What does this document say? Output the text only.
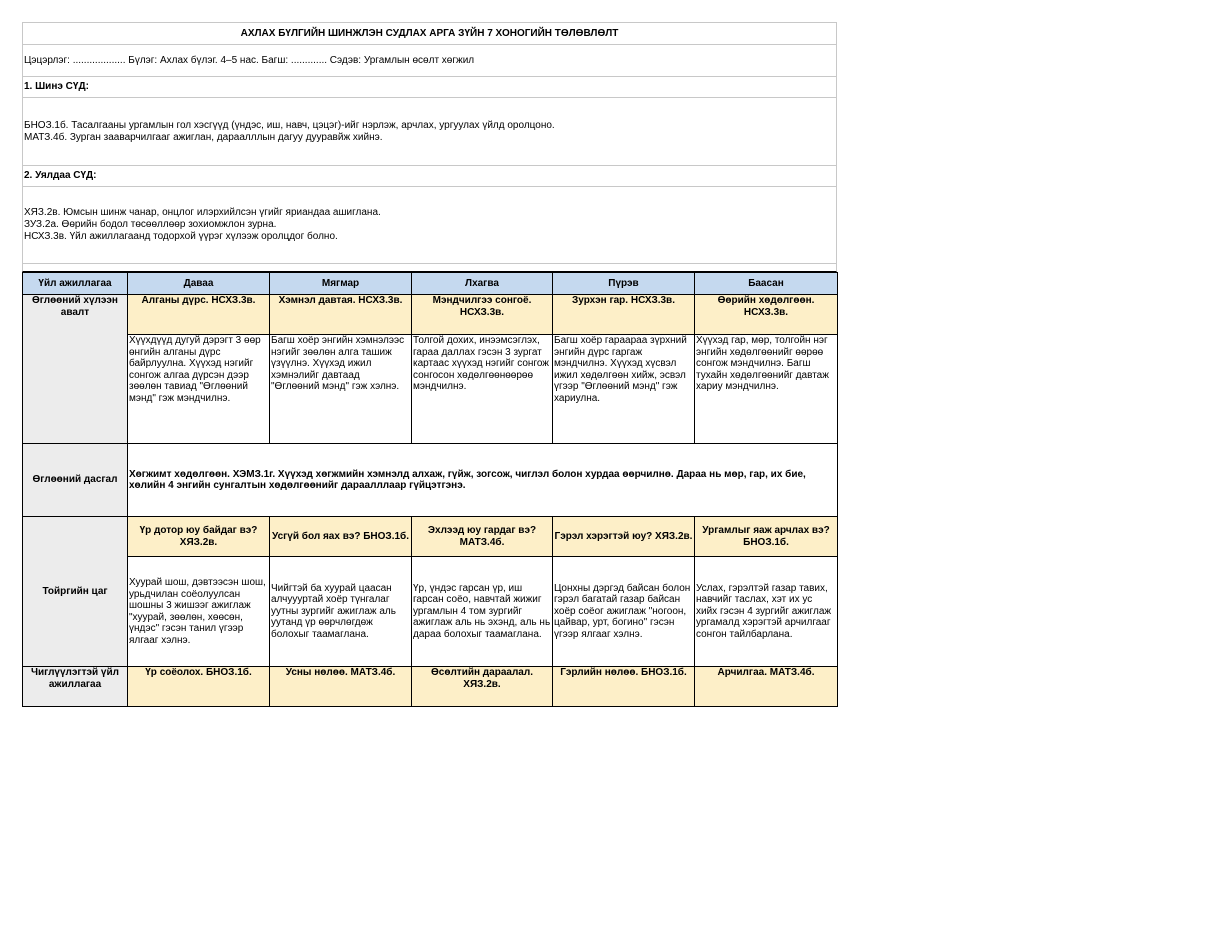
АХЛАХ БҮЛГИЙН ШИНЖЛЭН СУДЛАХ АРГА ЗҮЙН 7 ХОНОГИЙН ТӨЛӨВЛӨЛТ
Цэцэрлэг: ................... Бүлэг: Ахлах бүлэг. 4–5 нас. Багш: ............. Сэдэв: Ургамлын өсөлт хөгжил
1. Шинэ СҮД:
БНОЗ.1б. Тасалгааны ургамлын гол хэсгүүд (үндэс, иш, навч, цэцэг)-ийг нэрлэж, арчлах, ургуулах үйлд оролцоно.
МАТЗ.4б. Зурган зааварчилгааг ажиглан, дараалллын дагуу дууравйж хийнэ.
2. Уялдаа СҮД:
ХЯЗ.2в. Юмсын шинж чанар, онцлог илэрхийлсэн үгийг яриандаа ашиглана.
ЗУЗ.2а. Өөрийн бодол төсөөллөөр зохиомжлон зурна.
НСХЗ.3в. Үйл ажиллагаанд тодорхой үүрэг хүлээж оролцдог болно.
Үйл ажиллагаа	Даваа	Мягмар	Лхагва	Пүрэв	Баасан
Өглөөний хүлээн авалт	Алганы дүрс. НСХЗ.3в.	Хэмнэл давтая. НСХЗ.3в.	Мэндчилгээ сонгоё. НСХЗ.3в.	Зурхэн гар. НСХЗ.3в.	Өөрийн хөдөлгөөн. НСХЗ.3в.
	Хүүхдүүд дугуй дэрэгт 3 өөр өнгийн алганы дүрс байрлуулна. Хүүхэд нэгийг сонгож алгаа дүрсэн дээр зөөлөн тавиад "Өглөөний мэнд" гэж мэндчилнэ.	Багш хоёр энгийн хэмнэлээс нэгийг зөөлөн алга ташиж үзүүлнэ. Хүүхэд ижил хэмнэлийг давтаад "Өглөөний мэнд" гэж хэлнэ.	Толгой дохих, инээмсэглэх, гараа даллах гэсэн 3 зургат картаас хүүхэд нэгийг сонгож сонгосон хөдөлгөөнөөрөө мэндчилнэ.	Багш хоёр гараараа зүрхний энгийн дүрс гаргаж мэндчилнэ. Хүүхэд хүсвэл ижил хөдөлгөөн хийж, эсвэл үгээр "Өглөөний мэнд" гэж хариулна.	Хүүхэд гар, мөр, толгойн нэг энгийн хөдөлгөөнийг өөрөө сонгож мэндчилнэ. Багш тухайн хөдөлгөөнийг давтаж хариу мэндчилнэ.
Өглөөний дасгал	Хөгжимт хөдөлгөөн. ХЭМЗ.1г. Хүүхэд хөгжмийн хэмнэлд алхаж, гүйж, зогсож, чиглэл болон хурдаа өөрчилнө. Дараа нь мөр, гар, их бие, хөлийн 4 энгийн сунгалтын хөдөлгөөнийг дараалллаар гүйцэтгэнэ.				
Тойргийн цаг	Үр дотор юу байдаг вэ? ХЯЗ.2в.	Усгүй бол яах вэ? БНОЗ.1б.	Эхлээд юу гардаг вэ? МАТЗ.4б.	Гэрэл хэрэгтэй юу? ХЯЗ.2в.	Ургамлыг яаж арчлах вэ? БНОЗ.1б.
	Хуурай шош, дэвтээсэн шош, урьдчилан соёолуулсан шошны 3 жишээг ажиглаж "хуурай, зөөлөн, хөөсөн, үндэс" гэсэн танил үгээр ялгааг хэлнэ.	Чийгтэй ба хуурай цаасан алчуууртай хоёр түнгалаг уутны зургийг ажиглаж аль уутанд үр өөрчлөгдөж болохыг таамаглана.	Үр, үндэс гарсан үр, иш гарсан соёо, навчтай жижиг ургамлын 4 том зургийг ажиглаж аль нь эхэнд, аль нь дараа болохыг таамаглана.	Цонхны дэргэд байсан болон гэрэл багатай газар байсан хоёр соёог ажиглаж "ногоон, цайвар, урт, богино" гэсэн үгээр ялгааг хэлнэ.	Услах, гэрэлтэй газар тавих, навчийг таслах, хэт их ус хийх гэсэн 4 зургийг ажиглаж ургамалд хэрэгтэй арчилгааг сонгон тайлбарлана.
Чиглүүлэгтэй үйл ажиллагаа	Үр соёолох. БНОЗ.1б.	Усны нөлөө. МАТЗ.4б.	Өсөлтийн дараалал. ХЯЗ.2в.	Гэрлийн нөлөө. БНОЗ.1б.	Арчилгаа. МАТЗ.4б.
